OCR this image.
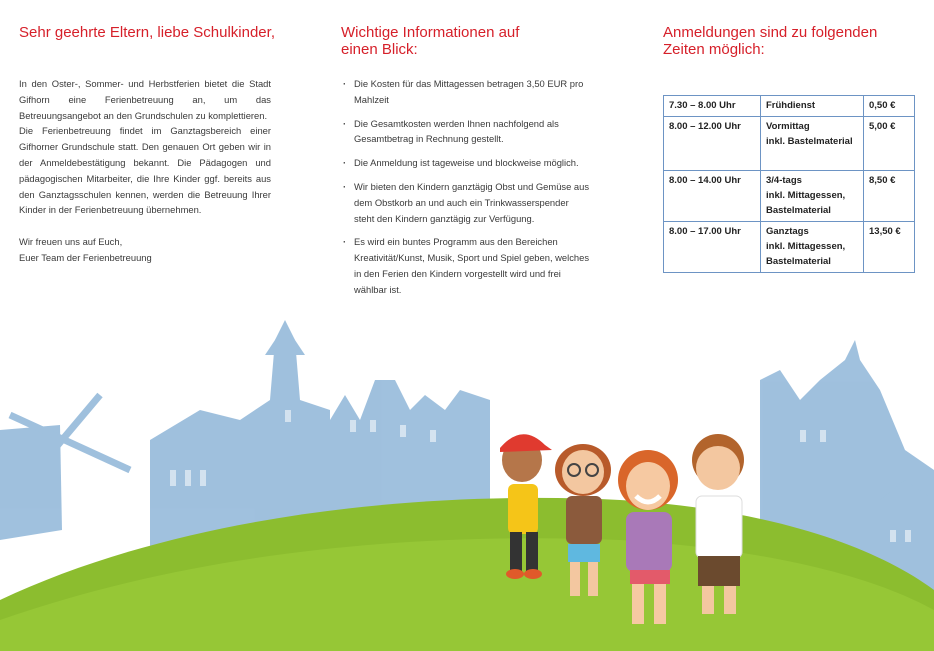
Sehr geehrte Eltern, liebe Schulkinder,	Wichtige Informationen auf einen Blick:
Anmeldungen sind zu folgenden Zeiten möglich:

In den Oster-, Sommer- und Herbstferien bietet die Stadt Gifhorn eine Ferienbetreuung an, um das Betreuungsangebot an den Grundschulen zu komplettieren.

Die Ferienbetreuung findet im Ganztagsbereich einer Gifhorner Grundschule statt. Den genauen Ort geben wir in der Anmeldebestätigung bekannt. Die Pädagogen und pädagogischen Mitarbeiter, die Ihre Kinder ggf. bereits aus den Ganztagsschulen kennen, werden die Betreuung Ihrer Kinder in der Ferienbetreuung übernehmen.

Wir freuen uns auf Euch,

Euer Team der Ferienbetreuung

· Die Kosten für das Mittagessen betragen 3,50 EUR pro Mahlzeit
· Die Gesamtkosten werden Ihnen nachfolgend als Gesamtbetrag in Rechnung gestellt.
· Die Anmeldung ist tageweise und blockweise möglich.
· Wir bieten den Kindern ganztägig Obst und Gemüse aus dem Obstkorb an und auch ein Trinkwasserspender steht den Kindern ganztägig zur Verfügung.
· Es wird ein buntes Programm aus den Bereichen Kreativität/Kunst, Musik, Sport und Spiel geben, welches in den Ferien den Kindern vorgestellt wird und frei wählbar ist.
7.30 – 8.00 Uhr	Frühdienst	0,50 €
8.00 – 12.00 Uhr	Vormittag
inkl. Bastelmaterial	5,00 €
8.00 – 14.00 Uhr	3/4-tags
inkl. Mittagessen,
Bastelmaterial	8,50 €
8.00 – 17.00 Uhr	Ganztags
inkl. Mittagessen,
Bastelmaterial	13,50 €
